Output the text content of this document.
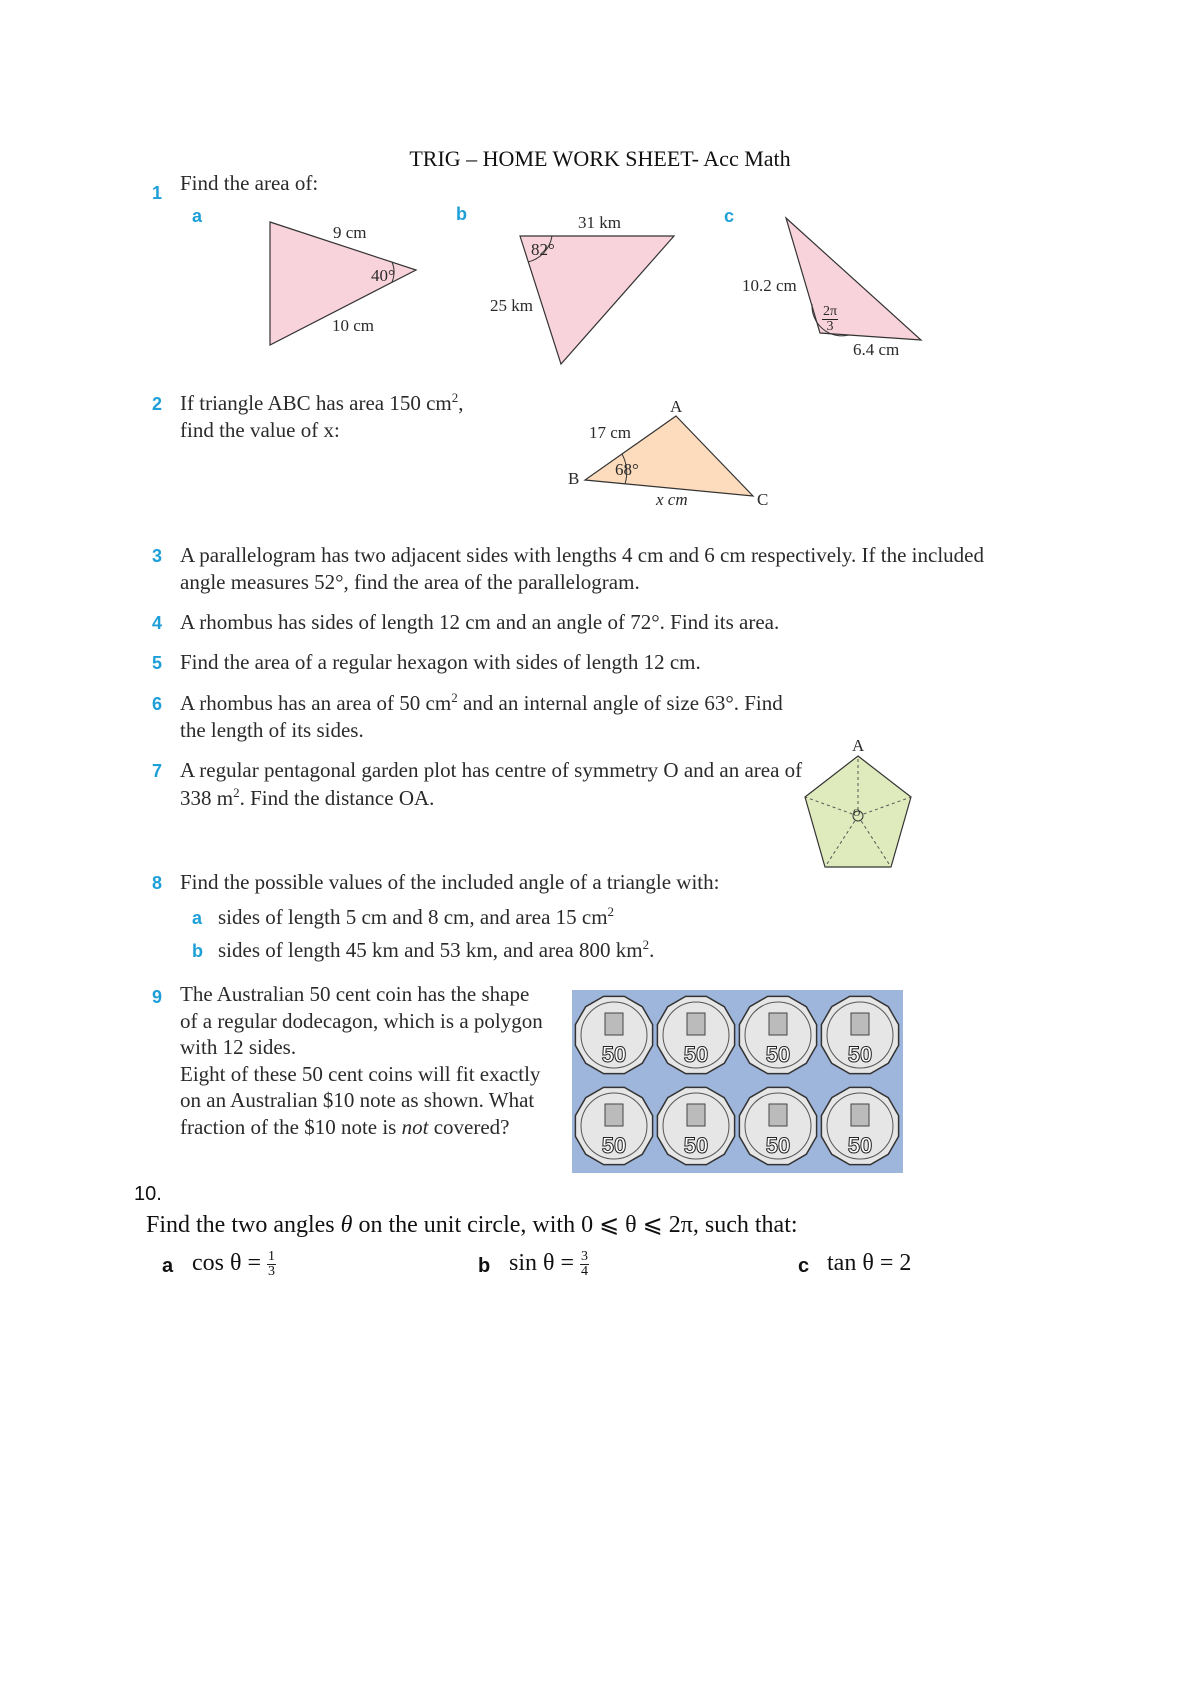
TRIG – HOME WORK SHEET- Acc Math
1 Find the area of:
a	b	c
9 cm
40°
10 cm
31 km
82°
25 km
10.2 cm
$\frac{2\pi}{3}$
6.4 cm
2 If triangle ABC has area 150 $cm^2$,
find the value of x:
A
B
C
17 cm
68°
x cm
3 A parallelogram has two adjacent sides with lengths 4 cm and 6 cm respectively. If the included
angle measures 52°, find the area of the parallelogram.
4 A rhombus has sides of length 12 cm and an angle of 72°. Find its area.
5 Find the area of a regular hexagon with sides of length 12 cm.
6 A rhombus has an area of 50 $cm^2$ and an internal angle of size 63°. Find
the length of its sides.
7 A regular pentagonal garden plot has centre of symmetry O and an area of
338 $m^2$. Find the distance OA.
A
O
8 Find the possible values of the included angle of a triangle with:
a sides of length 5 cm and 8 cm, and area 15 $cm^2$
b sides of length 45 km and 53 km, and area 800 $km^2$.
9 The Australian 50 cent coin has the shape
of a regular dodecagon, which is a polygon
with 12 sides.
Eight of these 50 cent coins will fit exactly
on an Australian $10 note as shown. What
fraction of the $10 note is not covered?
50	50	50	50
50	50	50	50
10.
Find the two angles θ on the unit circle, with 0 ⩽ θ ⩽ 2π, such that:
a $\cos \theta = \frac{1}{3}$	b $\sin \theta = \frac{3}{4}$	c tan θ = 2
